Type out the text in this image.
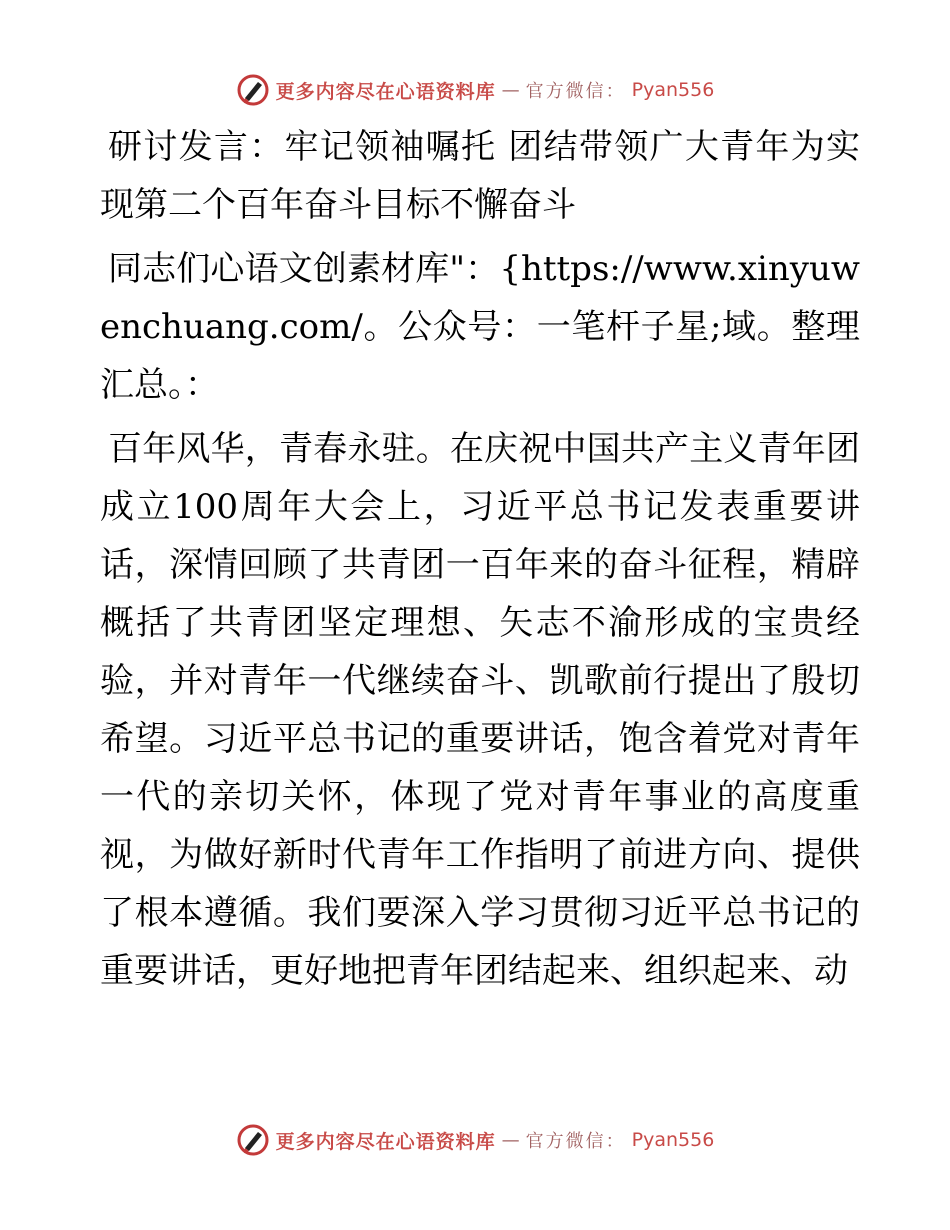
更多内容尽在心语资料库 — 官方微信： Pyan556

研讨发言：牢记领袖嘱托 团结带领广大青年为实现第二个百年奋斗目标不懈奋斗

同志们心语文创素材库"：{https://www.xinyuwenchuang.com/。公众号：一笔杆子星;域。整理汇总。：

百年风华，青春永驻。在庆祝中国共产主义青年团成立100周年大会上，习近平总书记发表重要讲话，深情回顾了共青团一百年来的奋斗征程，精辟概括了共青团坚定理想、矢志不渝形成的宝贵经验，并对青年一代继续奋斗、凯歌前行提出了殷切希望。习近平总书记的重要讲话，饱含着党对青年一代的亲切关怀，体现了党对青年事业的高度重视，为做好新时代青年工作指明了前进方向、提供了根本遵循。我们要深入学习贯彻习近平总书记的重要讲话，更好地把青年团结起来、组织起来、动

更多内容尽在心语资料库 — 官方微信： Pyan556
